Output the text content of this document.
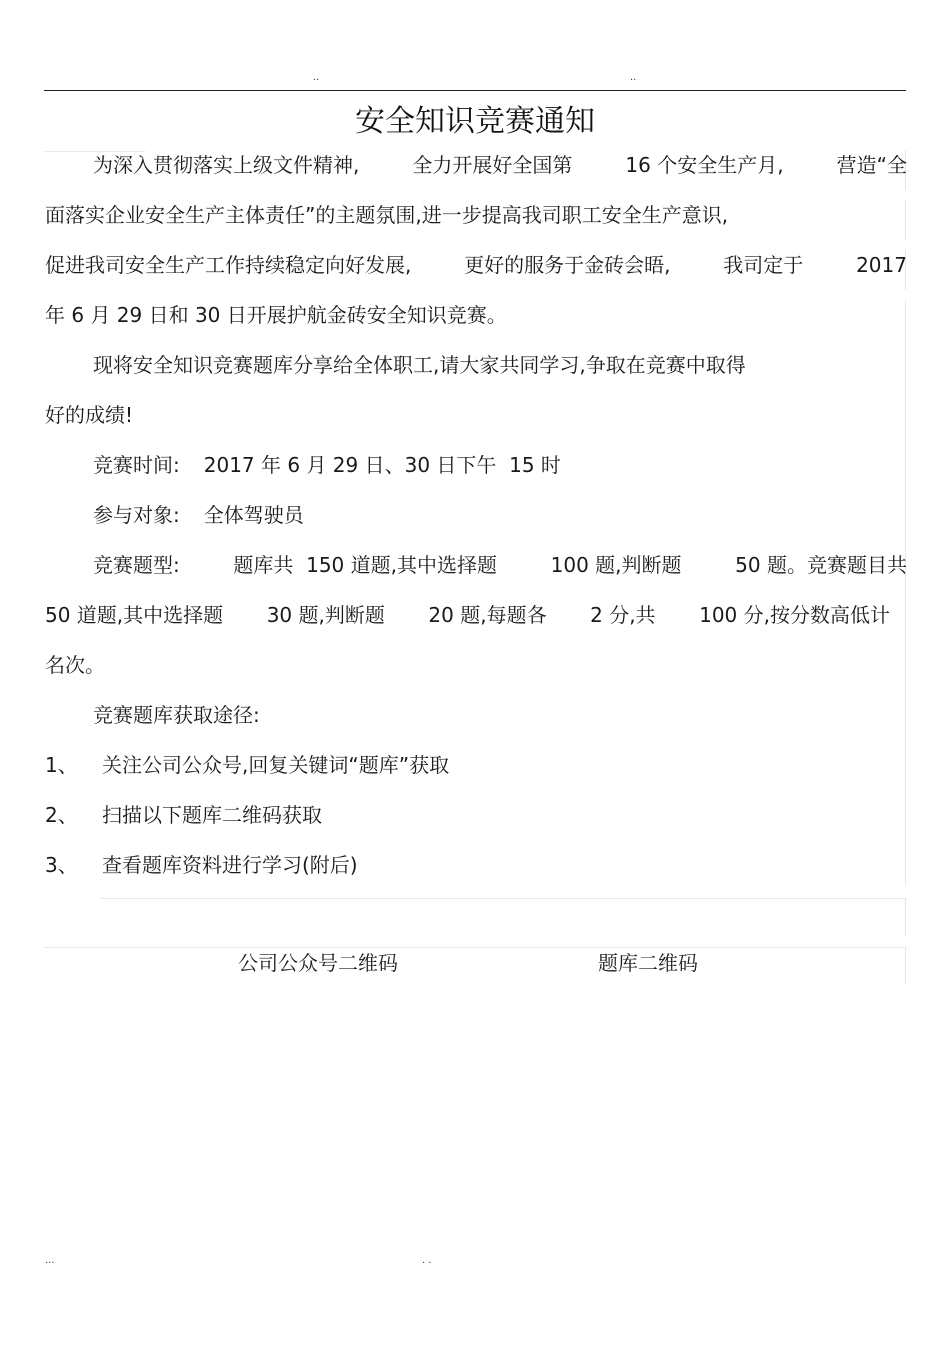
..	..
安全知识竞赛通知
为深入贯彻落实上级文件精神,	全力开展好全国第	16 个安全生产月,	营造“全
面落实企业安全生产主体责任”的主题氛围,进一步提高我司职工安全生产意识,
促进我司安全生产工作持续稳定向好发展,	更好的服务于金砖会晤,	我司定于	2017
年 6 月 29 日和 30 日开展护航金砖安全知识竞赛。
现将安全知识竞赛题库分享给全体职工,请大家共同学习,争取在竞赛中取得
好的成绩!
竞赛时间: 2017 年 6 月 29 日、30 日下午  15 时
参与对象: 全体驾驶员
竞赛题型:	题库共  150 道题,其中选择题	100 题,判断题	50 题。竞赛题目共
50 道题,其中选择题 30 题,判断题 20 题,每题各 2 分,共 100 分,按分数高低计
名次。
竞赛题库获取途径:
1、 关注公司公众号,回复关键词“题库”获取
2、 扫描以下题库二维码获取
3、 查看题库资料进行学习(附后)
公司公众号二维码	题库二维码
...	. .
